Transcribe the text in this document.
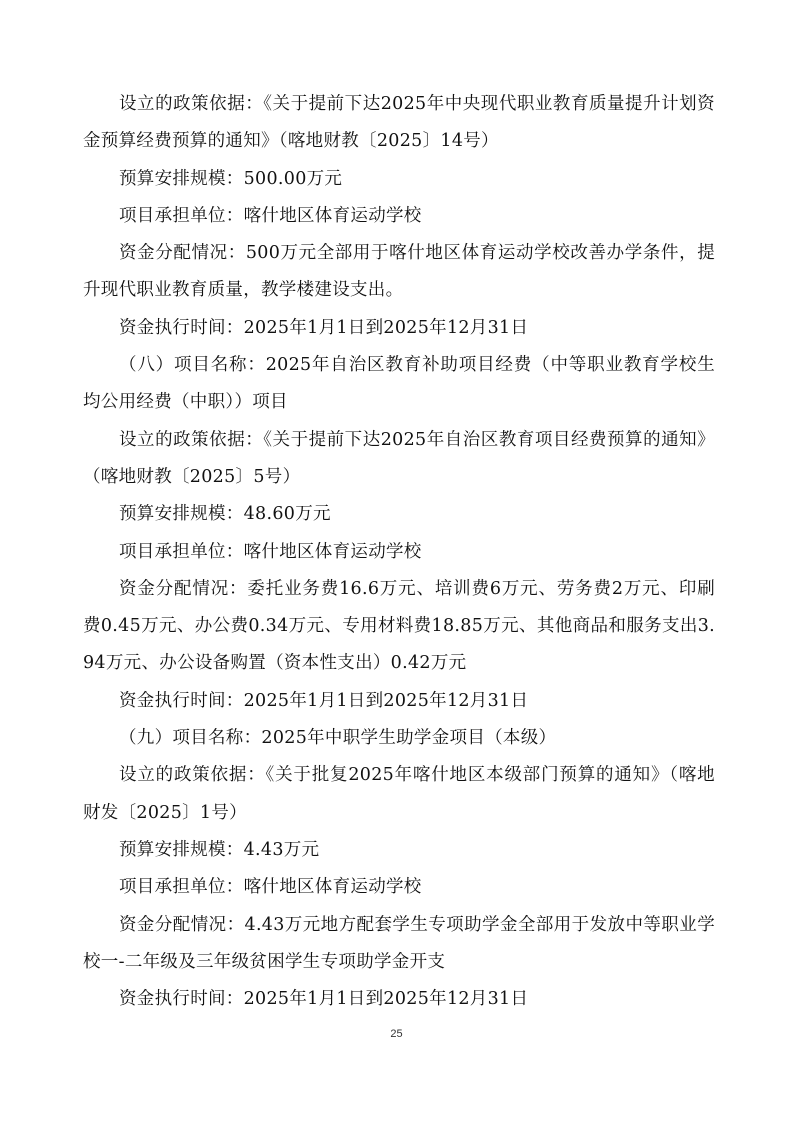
设立的政策依据：《关于提前下达2025年中央现代职业教育质量提升计划资金预算经费预算的通知》（喀地财教〔2025〕14号）

预算安排规模：500.00万元

项目承担单位：喀什地区体育运动学校

资金分配情况：500万元全部用于喀什地区体育运动学校改善办学条件，提升现代职业教育质量，教学楼建设支出。

资金执行时间：2025年1月1日到2025年12月31日

（八）项目名称：2025年自治区教育补助项目经费（中等职业教育学校生均公用经费（中职））项目

设立的政策依据：《关于提前下达2025年自治区教育项目经费预算的通知》（喀地财教〔2025〕5号）

预算安排规模：48.60万元

项目承担单位：喀什地区体育运动学校

资金分配情况：委托业务费16.6万元、培训费6万元、劳务费2万元、印刷费0.45万元、办公费0.34万元、专用材料费18.85万元、其他商品和服务支出3.94万元、办公设备购置（资本性支出）0.42万元

资金执行时间：2025年1月1日到2025年12月31日

（九）项目名称：2025年中职学生助学金项目（本级）

设立的政策依据：《关于批复2025年喀什地区本级部门预算的通知》（喀地财发〔2025〕1号）

预算安排规模：4.43万元

项目承担单位：喀什地区体育运动学校

资金分配情况：4.43万元地方配套学生专项助学金全部用于发放中等职业学校一-二年级及三年级贫困学生专项助学金开支

资金执行时间：2025年1月1日到2025年12月31日

25
